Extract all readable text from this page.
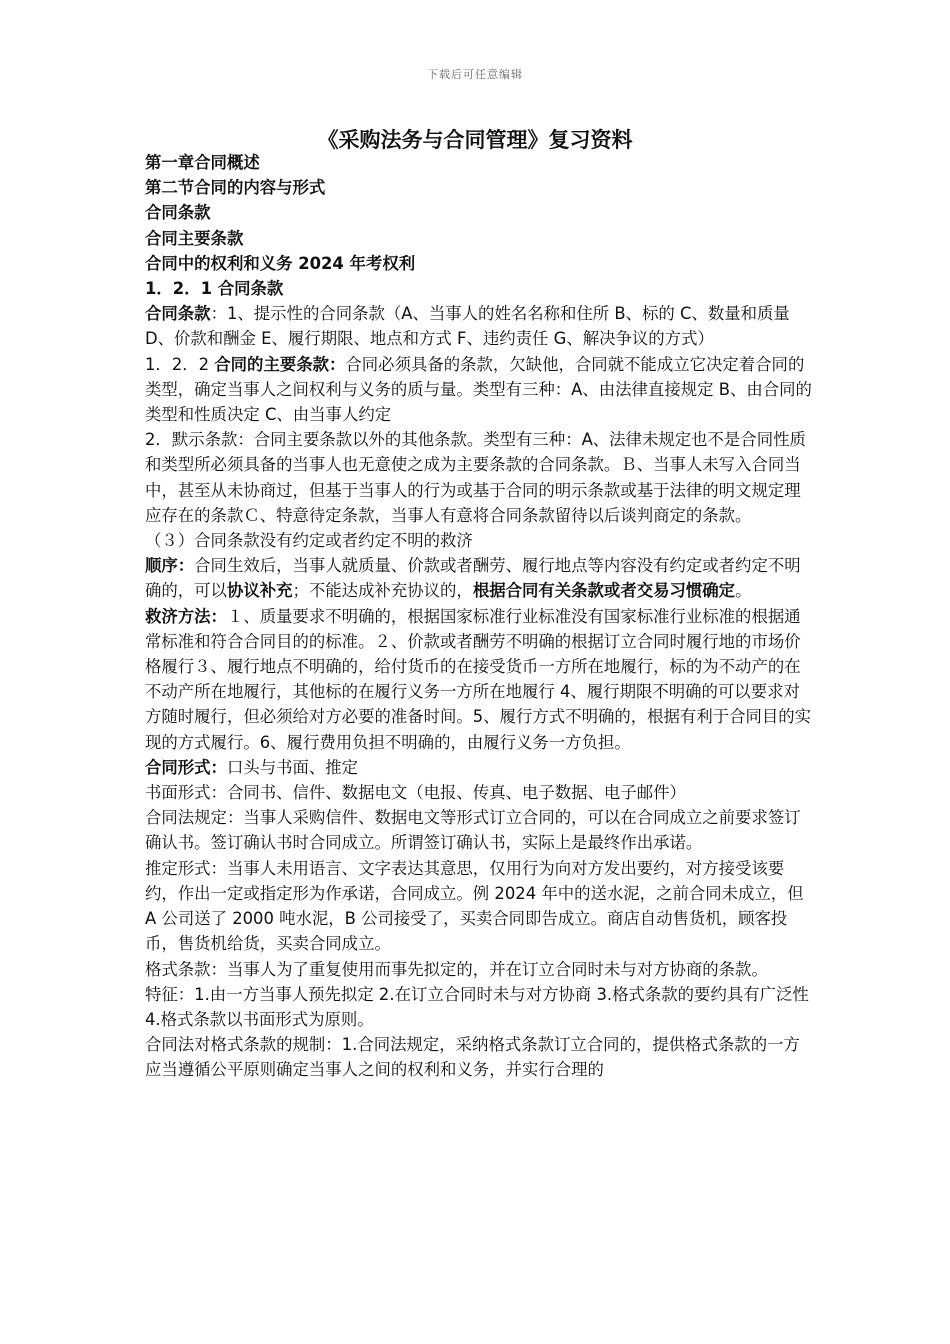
下载后可任意编辑
《采购法务与合同管理》复习资料

第一章合同概述

第二节合同的内容与形式

合同条款

合同主要条款

合同中的权利和义务 2024 年考权利

1．2．1 合同条款

合同条款：1、提示性的合同条款（A、当事人的姓名名称和住所 B、标的 C、数量和质量 D、价款和酬金 E、履行期限、地点和方式 F、违约责任 G、解决争议的方式）

1．2．2 合同的主要条款：合同必须具备的条款，欠缺他，合同就不能成立它决定着合同的类型，确定当事人之间权利与义务的质与量。类型有三种：A、由法律直接规定 B、由合同的类型和性质决定 C、由当事人约定

2．默示条款：合同主要条款以外的其他条款。类型有三种：A、法律未规定也不是合同性质和类型所必须具备的当事人也无意使之成为主要条款的合同条款。Ｂ、当事人未写入合同当中，甚至从未协商过，但基于当事人的行为或基于合同的明示条款或基于法律的明文规定理应存在的条款Ｃ、特意待定条款，当事人有意将合同条款留待以后谈判商定的条款。

（３）合同条款没有约定或者约定不明的救济

顺序：合同生效后，当事人就质量、价款或者酬劳、履行地点等内容没有约定或者约定不明确的，可以协议补充；不能达成补充协议的，根据合同有关条款或者交易习惯确定。

救济方法：１、质量要求不明确的，根据国家标准行业标准没有国家标准行业标准的根据通常标准和符合合同目的的标准。２、价款或者酬劳不明确的根据订立合同时履行地的市场价格履行３、履行地点不明确的，给付货币的在接受货币一方所在地履行，标的为不动产的在不动产所在地履行，其他标的在履行义务一方所在地履行 4、履行期限不明确的可以要求对方随时履行，但必须给对方必要的准备时间。5、履行方式不明确的，根据有利于合同目的实现的方式履行。6、履行费用负担不明确的，由履行义务一方负担。

合同形式：口头与书面、推定

书面形式：合同书、信件、数据电文（电报、传真、电子数据、电子邮件）

合同法规定：当事人采购信件、数据电文等形式订立合同的，可以在合同成立之前要求签订确认书。签订确认书时合同成立。所谓签订确认书，实际上是最终作出承诺。

推定形式：当事人未用语言、文字表达其意思，仅用行为向对方发出要约，对方接受该要约，作出一定或指定形为作承诺，合同成立。例 2024 年中的送水泥，之前合同未成立，但 A 公司送了 2000 吨水泥，B 公司接受了，买卖合同即告成立。商店自动售货机，顾客投币，售货机给货，买卖合同成立。

格式条款：当事人为了重复使用而事先拟定的，并在订立合同时未与对方协商的条款。

特征：1.由一方当事人预先拟定 2.在订立合同时未与对方协商 3.格式条款的要约具有广泛性 4.格式条款以书面形式为原则。

合同法对格式条款的规制：1.合同法规定，采纳格式条款订立合同的，提供格式条款的一方应当遵循公平原则确定当事人之间的权利和义务，并实行合理的
